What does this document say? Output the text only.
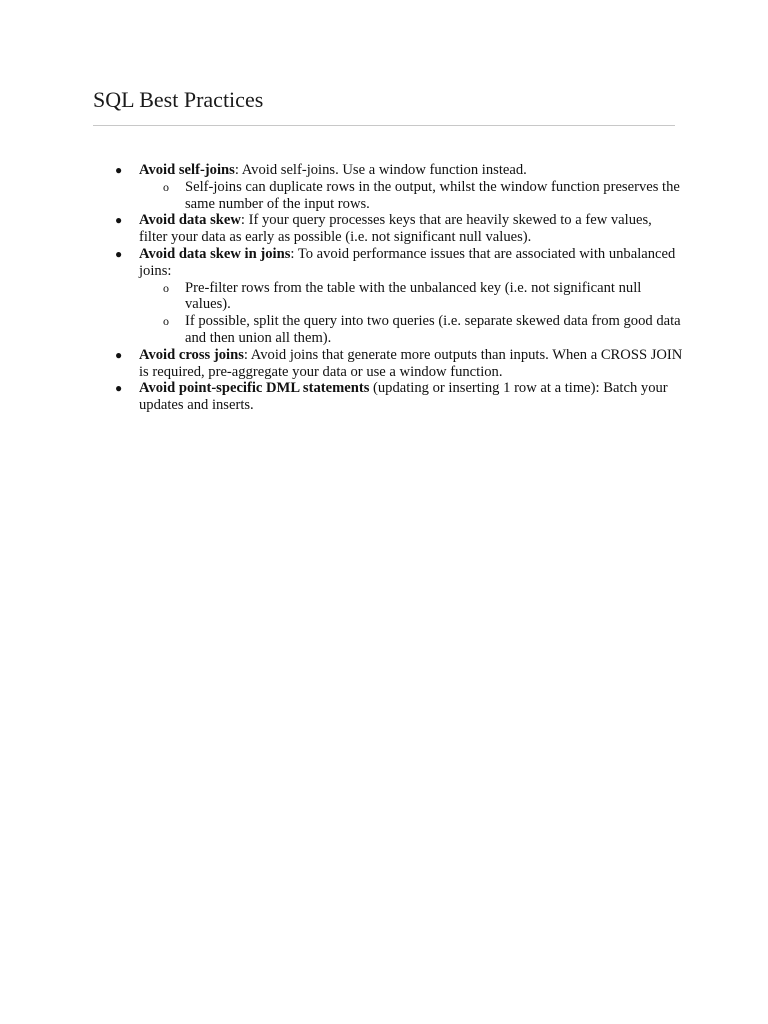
SQL Best Practices
● Avoid self-joins: Avoid self-joins. Use a window function instead.
o Self-joins can duplicate rows in the output, whilst the window function preserves the same number of the input rows.
● Avoid data skew: If your query processes keys that are heavily skewed to a few values, filter your data as early as possible (i.e. not significant null values).
● Avoid data skew in joins: To avoid performance issues that are associated with unbalanced joins:
o Pre-filter rows from the table with the unbalanced key (i.e. not significant null values).
o If possible, split the query into two queries (i.e. separate skewed data from good data and then union all them).
● Avoid cross joins: Avoid joins that generate more outputs than inputs. When a CROSS JOIN is required, pre-aggregate your data or use a window function.
● Avoid point-specific DML statements (updating or inserting 1 row at a time): Batch your updates and inserts.
